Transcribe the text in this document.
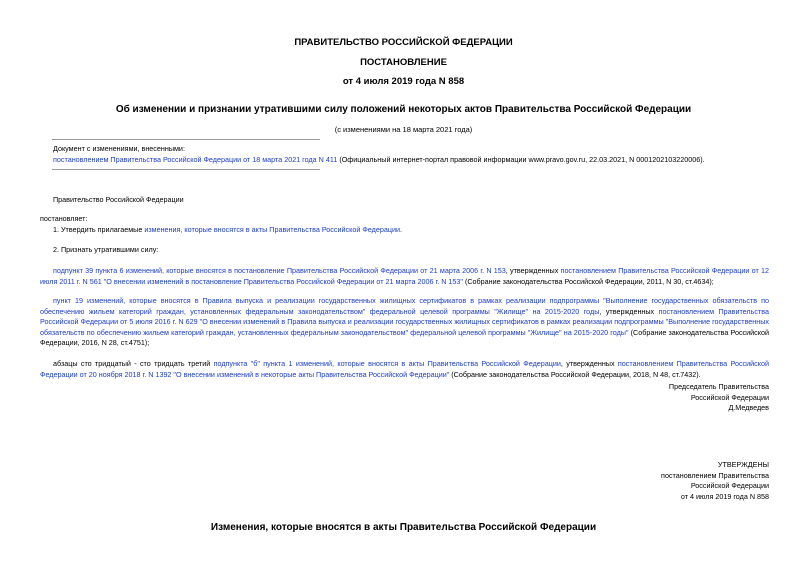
ПРАВИТЕЛЬСТВО РОССИЙСКОЙ ФЕДЕРАЦИИ
ПОСТАНОВЛЕНИЕ
от 4 июля 2019 года N 858
Об изменении и признании утратившими силу положений некоторых актов Правительства Российской Федерации
(с изменениями на 18 марта 2021 года)
Документ с изменениями, внесенными:
постановлением Правительства Российской Федерации от 18 марта 2021 года N 411 (Официальный интернет-портал правовой информации www.pravo.gov.ru, 22.03.2021, N 0001202103220006).
Правительство Российской Федерации
постановляет:
1. Утвердить прилагаемые изменения, которые вносятся в акты Правительства Российской Федерации.
2. Признать утратившими силу:
подпункт 39 пункта 6 изменений, которые вносятся в постановление Правительства Российской Федерации от 21 марта 2006 г. N 153, утвержденных постановлением Правительства Российской Федерации от 12 июля 2011 г. N 561 "О внесении изменений в постановление Правительства Российской Федерации от 21 марта 2006 г. N 153" (Собрание законодательства Российской Федерации, 2011, N 30, ст.4634);
пункт 19 изменений, которые вносятся в Правила выпуска и реализации государственных жилищных сертификатов в рамках реализации подпрограммы "Выполнение государственных обязательств по обеспечению жильем категорий граждан, установленных федеральным законодательством" федеральной целевой программы "Жилище" на 2015-2020 годы, утвержденных постановлением Правительства Российской Федерации от 5 июля 2016 г. N 629 "О внесении изменений в Правила выпуска и реализации государственных жилищных сертификатов в рамках реализации подпрограммы "Выполнение государственных обязательств по обеспечению жильем категорий граждан, установленных федеральным законодательством" федеральной целевой программы "Жилище" на 2015-2020 годы" (Собрание законодательства Российской Федерации, 2016, N 28, ст.4751);
абзацы сто тридцатый - сто тридцать третий подпункта "б" пункта 1 изменений, которые вносятся в акты Правительства Российской Федерации, утвержденных постановлением Правительства Российской Федерации от 20 ноября 2018 г. N 1392 "О внесении изменений в некоторые акты Правительства Российской Федерации" (Собрание законодательства Российской Федерации, 2018, N 48, ст.7432).
Председатель Правительства
Российской Федерации
Д.Медведев
УТВЕРЖДЕНЫ
постановлением Правительства
Российской Федерации
от 4 июля 2019 года N 858
Изменения, которые вносятся в акты Правительства Российской Федерации
